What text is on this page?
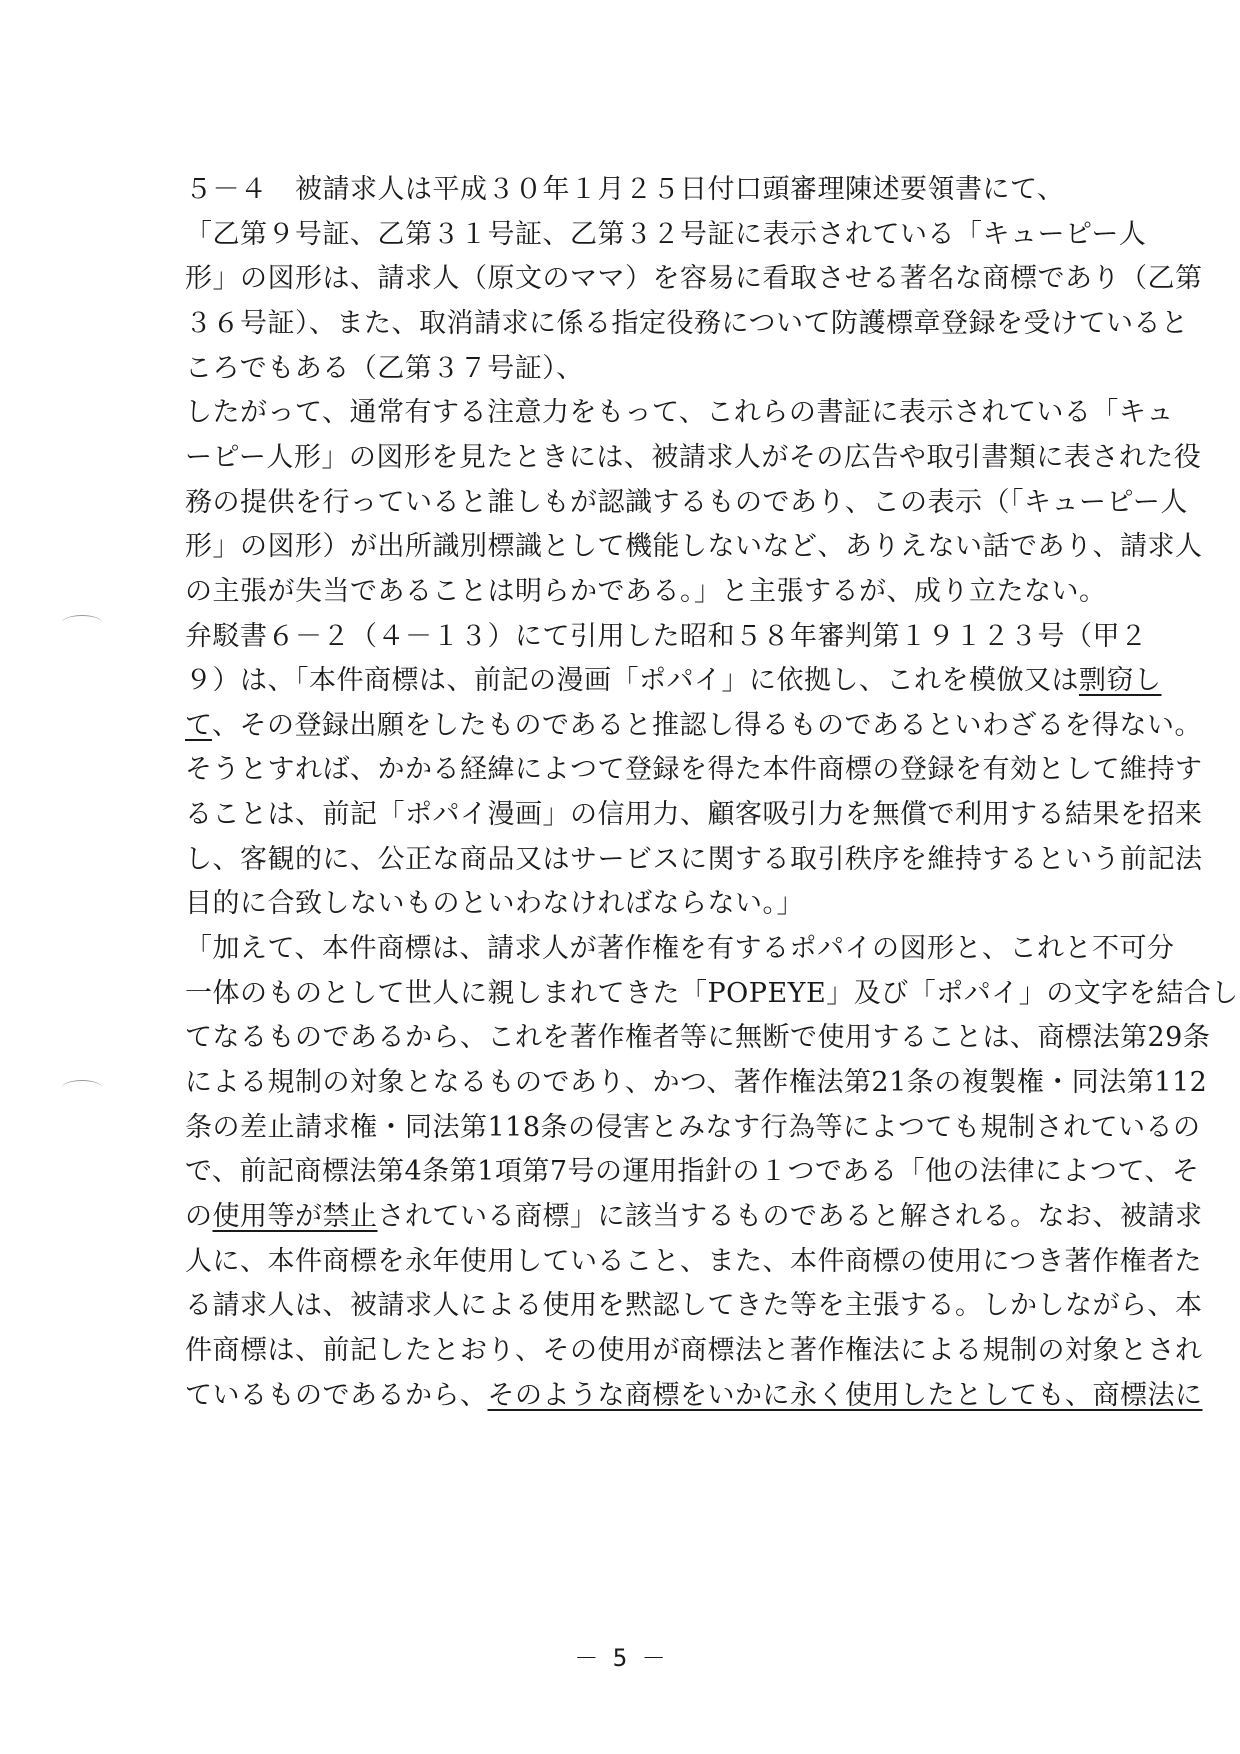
５－４　被請求人は平成３０年１月２５日付口頭審理陳述要領書にて、
「乙第９号証、乙第３１号証、乙第３２号証に表示されている「キューピー人
形」の図形は、請求人（原文のママ）を容易に看取させる著名な商標であり（乙第
３６号証）、また、取消請求に係る指定役務について防護標章登録を受けていると
ころでもある（乙第３７号証）、
したがって、通常有する注意力をもって、これらの書証に表示されている「キュ
ーピー人形」の図形を見たときには、被請求人がその広告や取引書類に表された役
務の提供を行っていると誰しもが認識するものであり、この表示（「キューピー人
形」の図形）が出所識別標識として機能しないなど、ありえない話であり、請求人
の主張が失当であることは明らかである。」と主張するが、成り立たない。
弁駁書６－２（４－１３）にて引用した昭和５８年審判第１９１２３号（甲２
９）は、「本件商標は、前記の漫画「ポパイ」に依拠し、これを模倣又は剽窃し
て、その登録出願をしたものであると推認し得るものであるといわざるを得ない。
そうとすれば、かかる経緯によつて登録を得た本件商標の登録を有効として維持す
ることは、前記「ポパイ漫画」の信用力、顧客吸引力を無償で利用する結果を招来
し、客観的に、公正な商品又はサービスに関する取引秩序を維持するという前記法
目的に合致しないものといわなければならない。」
「加えて、本件商標は、請求人が著作権を有するポパイの図形と、これと不可分
一体のものとして世人に親しまれてきた「POPEYE」及び「ポパイ」の文字を結合し
てなるものであるから、これを著作権者等に無断で使用することは、商標法第29条
による規制の対象となるものであり、かつ、著作権法第21条の複製権・同法第112
条の差止請求権・同法第118条の侵害とみなす行為等によつても規制されているの
で、前記商標法第4条第1項第7号の運用指針の１つである「他の法律によつて、そ
の使用等が禁止されている商標」に該当するものであると解される。なお、被請求
人に、本件商標を永年使用していること、また、本件商標の使用につき著作権者た
る請求人は、被請求人による使用を黙認してきた等を主張する。しかしながら、本
件商標は、前記したとおり、その使用が商標法と著作権法による規制の対象とされ
ているものであるから、そのような商標をいかに永く使用したとしても、商標法に
－ 5 －
